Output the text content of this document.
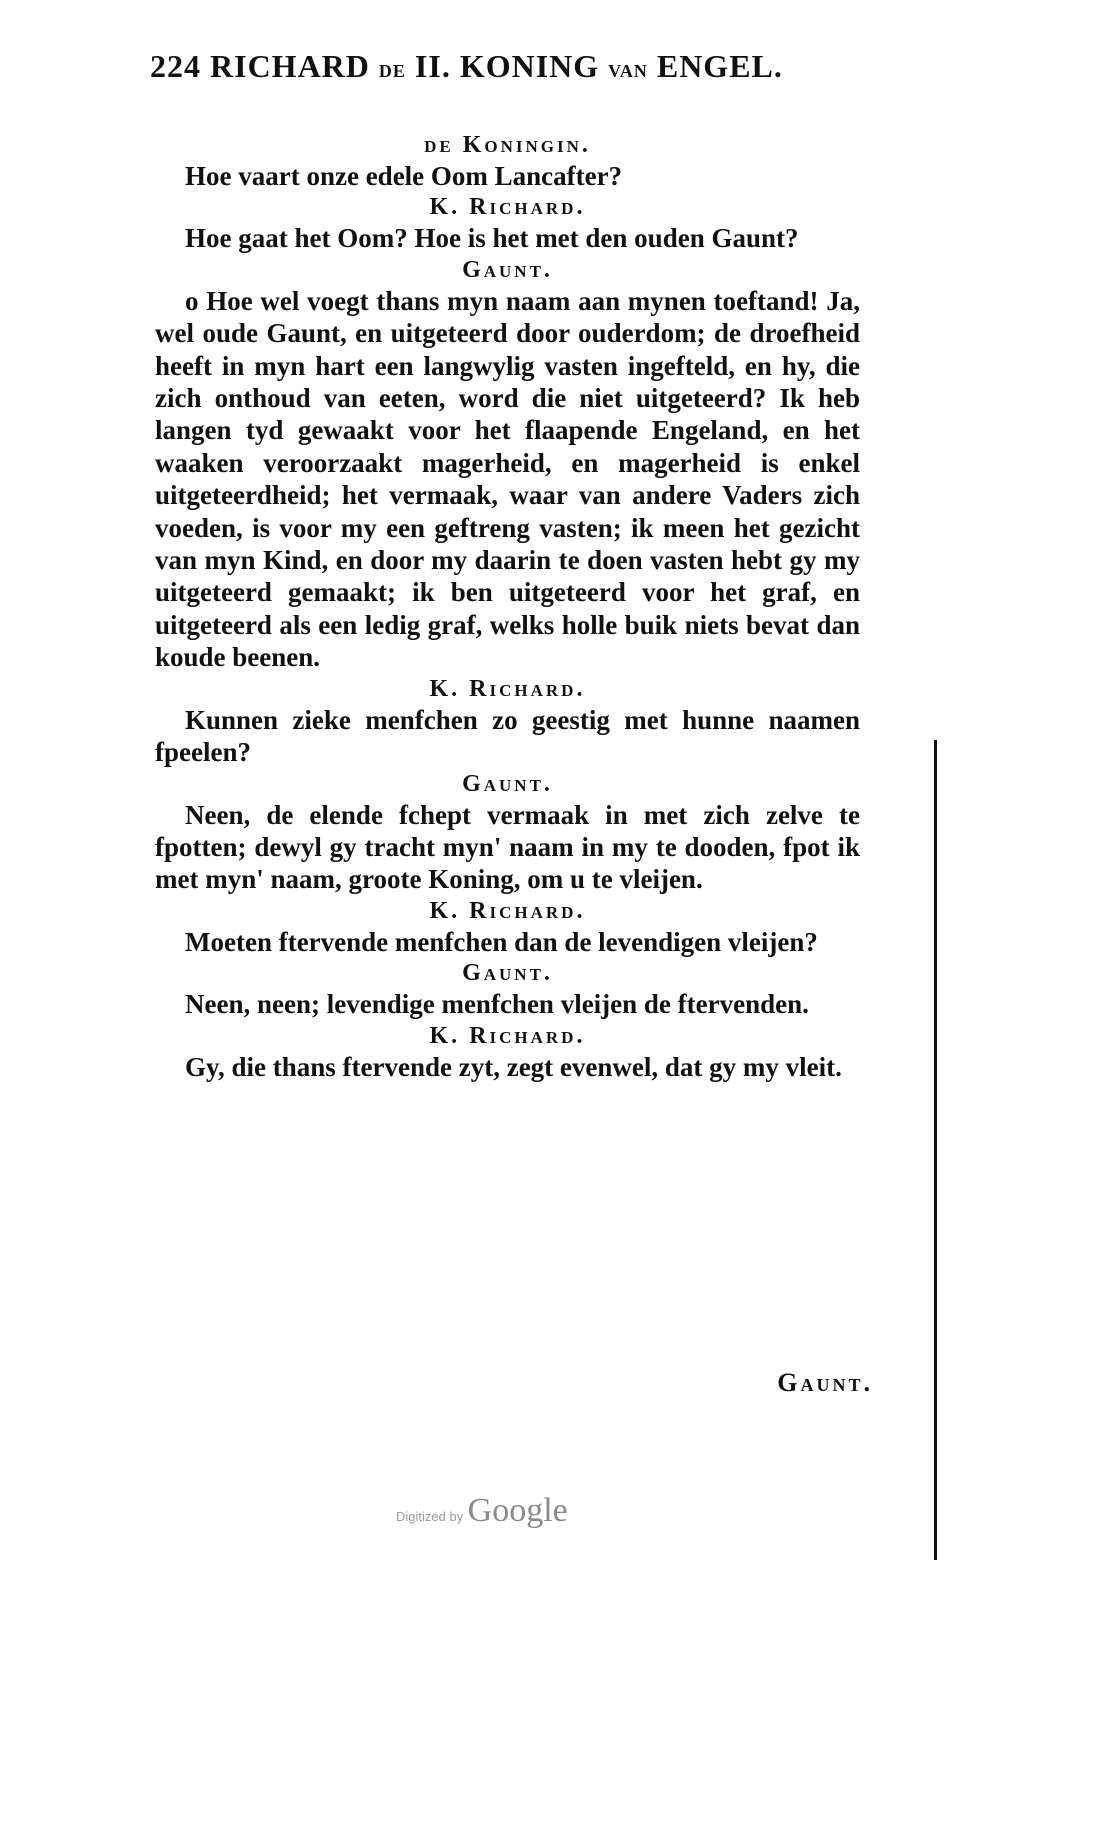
224 RICHARD DE II. KONING VAN ENGEL.
de Koningin.
Hoe vaart onze edele Oom Lancafter?
K. Richard.
Hoe gaat het Oom? Hoe is het met den ouden Gaunt?
Gaunt.
o Hoe wel voegt thans myn naam aan mynen toeftand! Ja, wel oude Gaunt, en uitgeteerd door ouderdom; de droefheid heeft in myn hart een langwylig vasten ingefteld, en hy, die zich onthoud van eeten, word die niet uitgeteerd? Ik heb langen tyd gewaakt voor het flaapende Engeland, en het waaken veroorzaakt magerheid, en magerheid is enkel uitgeteerdheid; het vermaak, waar van andere Vaders zich voeden, is voor my een geftreng vasten; ik meen het gezicht van myn Kind, en door my daarin te doen vasten hebt gy my uitgeteerd gemaakt; ik ben uitgeteerd voor het graf, en uitgeteerd als een ledig graf, welks holle buik niets bevat dan koude beenen.
K. Richard.
Kunnen zieke menfchen zo geestig met hunne naamen fpeelen?
Gaunt.
Neen, de elende fchept vermaak in met zich zelve te fpotten; dewyl gy tracht myn' naam in my te dooden, fpot ik met myn' naam, groote Koning, om u te vleijen.
K. Richard.
Moeten ftervende menfchen dan de levendigen vleijen?
Gaunt.
Neen, neen; levendige menfchen vleijen de ftervenden.
K. Richard.
Gy, die thans ftervende zyt, zegt evenwel, dat gy my vleit.
Gaunt.
Digitized by Google
